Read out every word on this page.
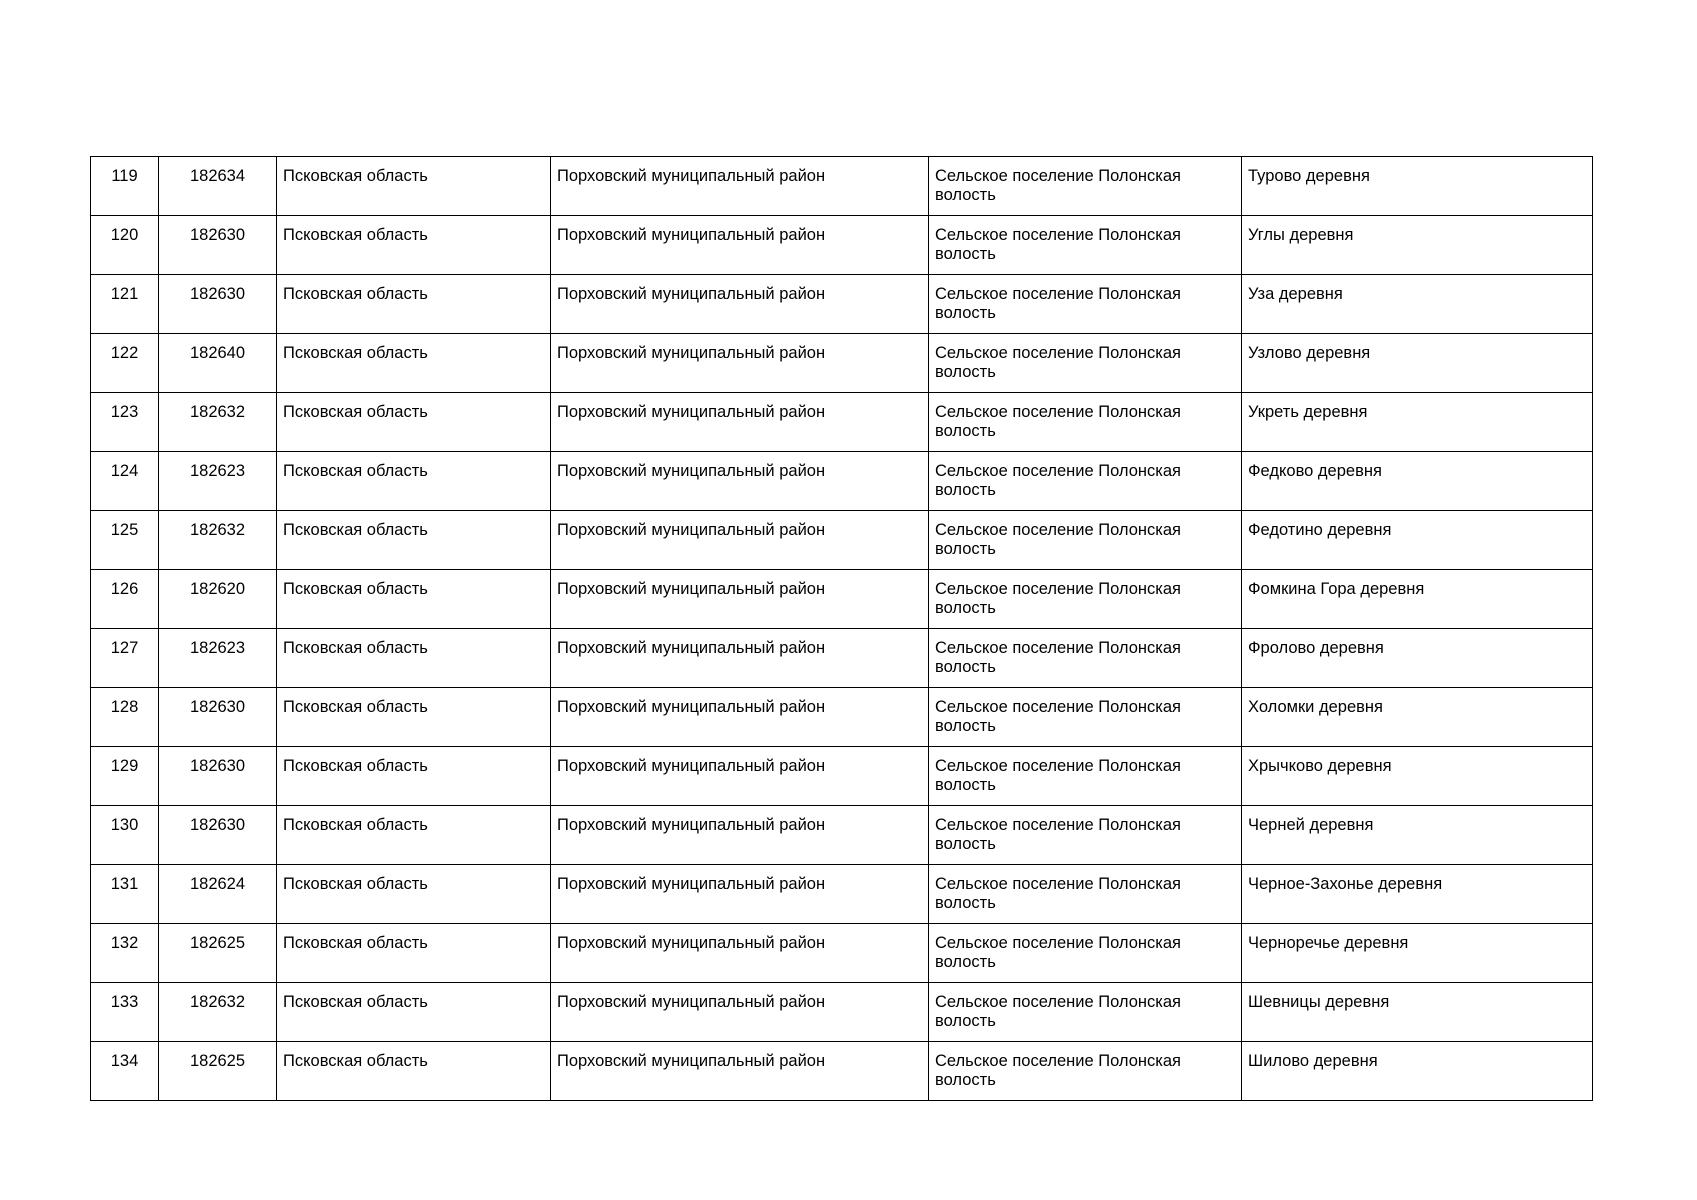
119	182634	Псковская область	Порховский муниципальный район	Сельское поселение Полонская волость	Турово деревня
120	182630	Псковская область	Порховский муниципальный район	Сельское поселение Полонская волость	Углы деревня
121	182630	Псковская область	Порховский муниципальный район	Сельское поселение Полонская волость	Уза деревня
122	182640	Псковская область	Порховский муниципальный район	Сельское поселение Полонская волость	Узлово деревня
123	182632	Псковская область	Порховский муниципальный район	Сельское поселение Полонская волость	Укреть деревня
124	182623	Псковская область	Порховский муниципальный район	Сельское поселение Полонская волость	Федково деревня
125	182632	Псковская область	Порховский муниципальный район	Сельское поселение Полонская волость	Федотино деревня
126	182620	Псковская область	Порховский муниципальный район	Сельское поселение Полонская волость	Фомкина Гора деревня
127	182623	Псковская область	Порховский муниципальный район	Сельское поселение Полонская волость	Фролово деревня
128	182630	Псковская область	Порховский муниципальный район	Сельское поселение Полонская волость	Холомки деревня
129	182630	Псковская область	Порховский муниципальный район	Сельское поселение Полонская волость	Хрычково деревня
130	182630	Псковская область	Порховский муниципальный район	Сельское поселение Полонская волость	Черней деревня
131	182624	Псковская область	Порховский муниципальный район	Сельское поселение Полонская волость	Черное-Захонье деревня
132	182625	Псковская область	Порховский муниципальный район	Сельское поселение Полонская волость	Черноречье деревня
133	182632	Псковская область	Порховский муниципальный район	Сельское поселение Полонская волость	Шевницы деревня
134	182625	Псковская область	Порховский муниципальный район	Сельское поселение Полонская волость	Шилово деревня
